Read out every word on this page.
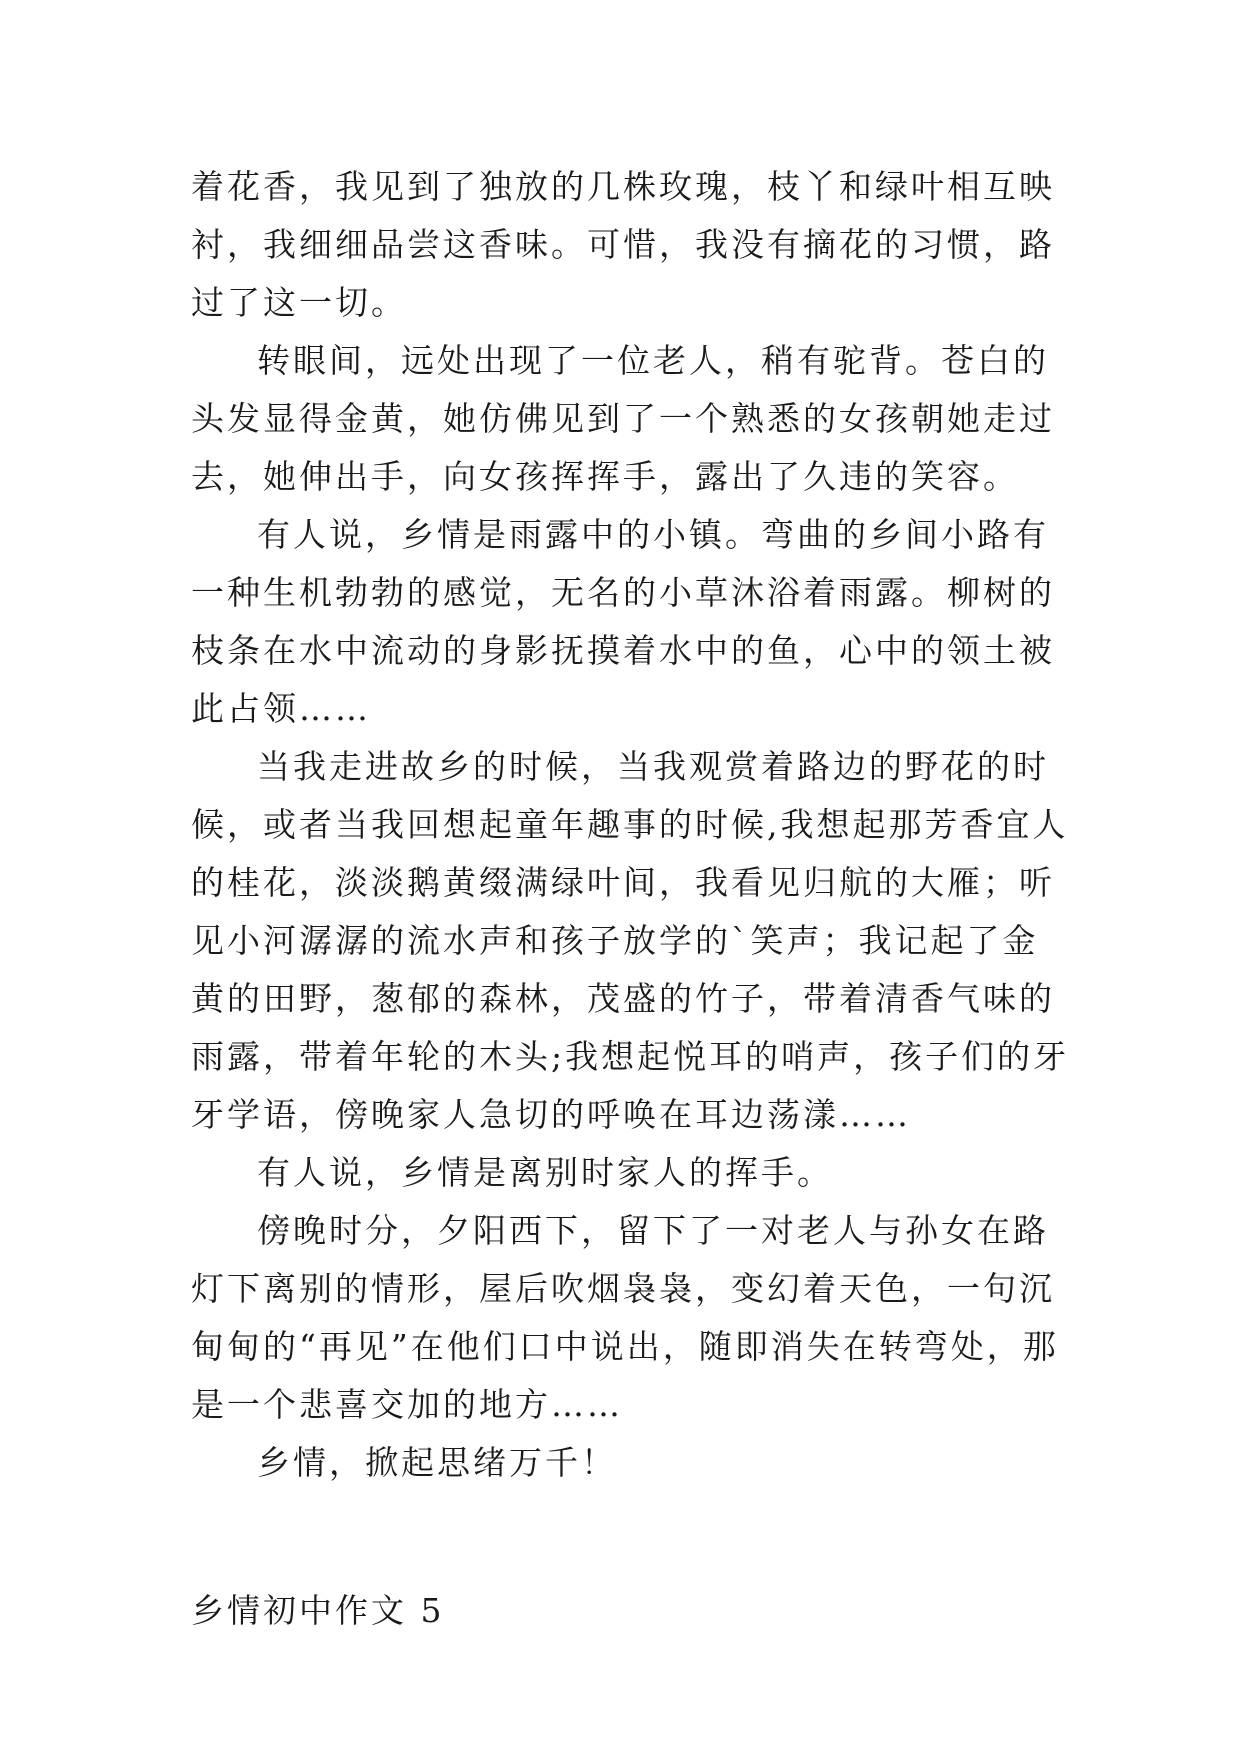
着花香，我见到了独放的几株玫瑰，枝丫和绿叶相互映衬，我细细品尝这香味。可惜，我没有摘花的习惯，路过了这一切。

转眼间，远处出现了一位老人，稍有驼背。苍白的头发显得金黄，她仿佛见到了一个熟悉的女孩朝她走过去，她伸出手，向女孩挥挥手，露出了久违的笑容。

有人说，乡情是雨露中的小镇。弯曲的乡间小路有一种生机勃勃的感觉，无名的小草沐浴着雨露。柳树的枝条在水中流动的身影抚摸着水中的鱼，心中的领土被此占领……

当我走进故乡的时候，当我观赏着路边的野花的时候，或者当我回想起童年趣事的时候,我想起那芳香宜人的桂花，淡淡鹅黄缀满绿叶间，我看见归航的大雁；听见小河潺潺的流水声和孩子放学的`笑声；我记起了金黄的田野，葱郁的森林，茂盛的竹子，带着清香气味的雨露，带着年轮的木头;我想起悦耳的哨声，孩子们的牙牙学语，傍晚家人急切的呼唤在耳边荡漾……

有人说，乡情是离别时家人的挥手。

傍晚时分，夕阳西下，留下了一对老人与孙女在路灯下离别的情形，屋后吹烟袅袅，变幻着天色，一句沉甸甸的“再见”在他们口中说出，随即消失在转弯处，那是一个悲喜交加的地方……

乡情，掀起思绪万千！

乡情初中作文 5
